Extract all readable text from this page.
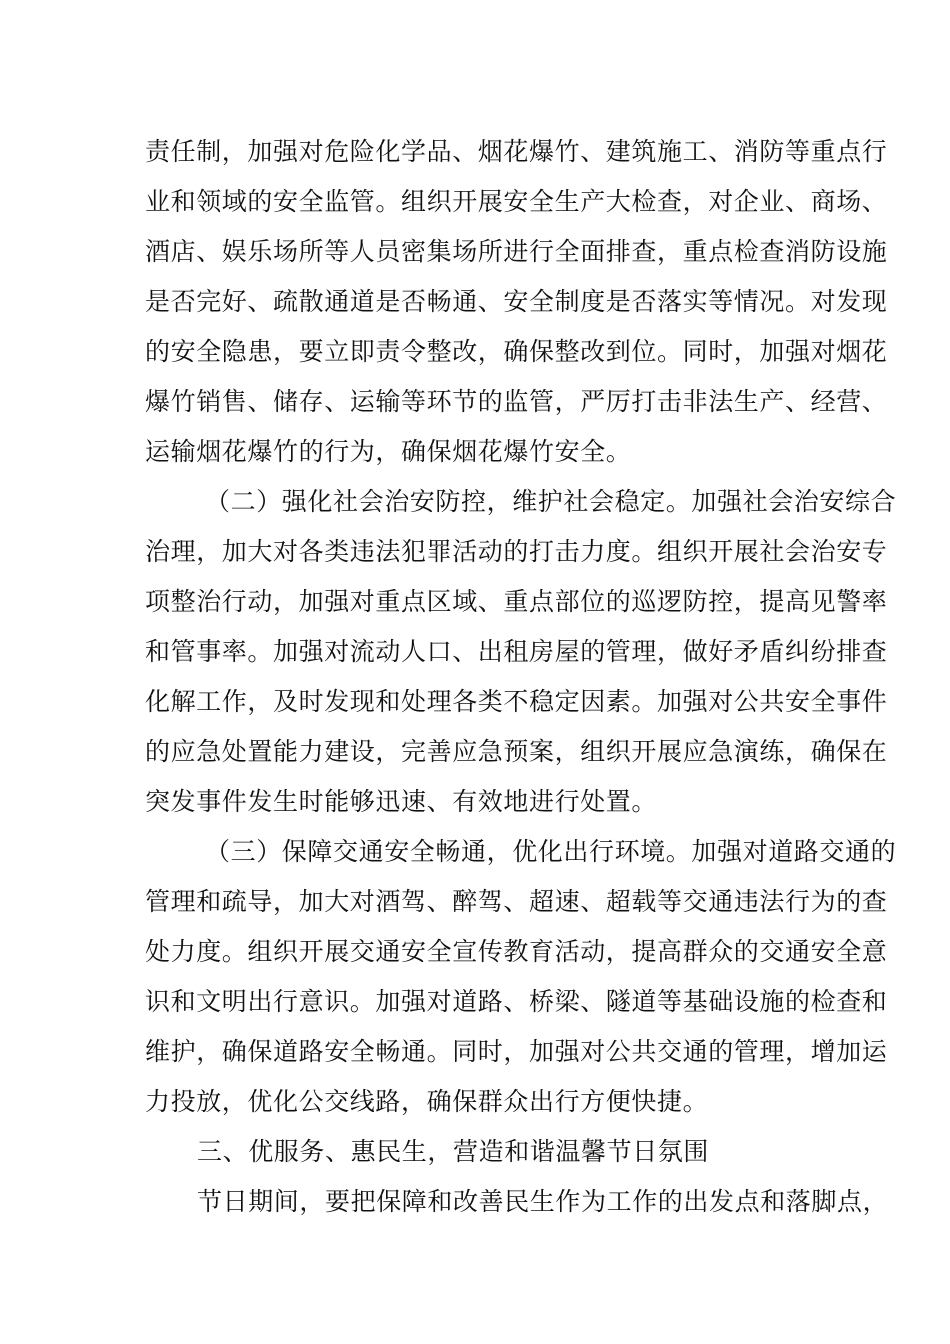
责任制，加强对危险化学品、烟花爆竹、建筑施工、消防等重点行
业和领域的安全监管。组织开展安全生产大检查，对企业、商场、
酒店、娱乐场所等人员密集场所进行全面排查，重点检查消防设施
是否完好、疏散通道是否畅通、安全制度是否落实等情况。对发现
的安全隐患，要立即责令整改，确保整改到位。同时，加强对烟花
爆竹销售、储存、运输等环节的监管，严厉打击非法生产、经营、
运输烟花爆竹的行为，确保烟花爆竹安全。
（二）强化社会治安防控，维护社会稳定。加强社会治安综合
治理，加大对各类违法犯罪活动的打击力度。组织开展社会治安专
项整治行动，加强对重点区域、重点部位的巡逻防控，提高见警率
和管事率。加强对流动人口、出租房屋的管理，做好矛盾纠纷排查
化解工作，及时发现和处理各类不稳定因素。加强对公共安全事件
的应急处置能力建设，完善应急预案，组织开展应急演练，确保在
突发事件发生时能够迅速、有效地进行处置。
（三）保障交通安全畅通，优化出行环境。加强对道路交通的
管理和疏导，加大对酒驾、醉驾、超速、超载等交通违法行为的查
处力度。组织开展交通安全宣传教育活动，提高群众的交通安全意
识和文明出行意识。加强对道路、桥梁、隧道等基础设施的检查和
维护，确保道路安全畅通。同时，加强对公共交通的管理，增加运
力投放，优化公交线路，确保群众出行方便快捷。
三、优服务、惠民生，营造和谐温馨节日氛围
节日期间，要把保障和改善民生作为工作的出发点和落脚点，
